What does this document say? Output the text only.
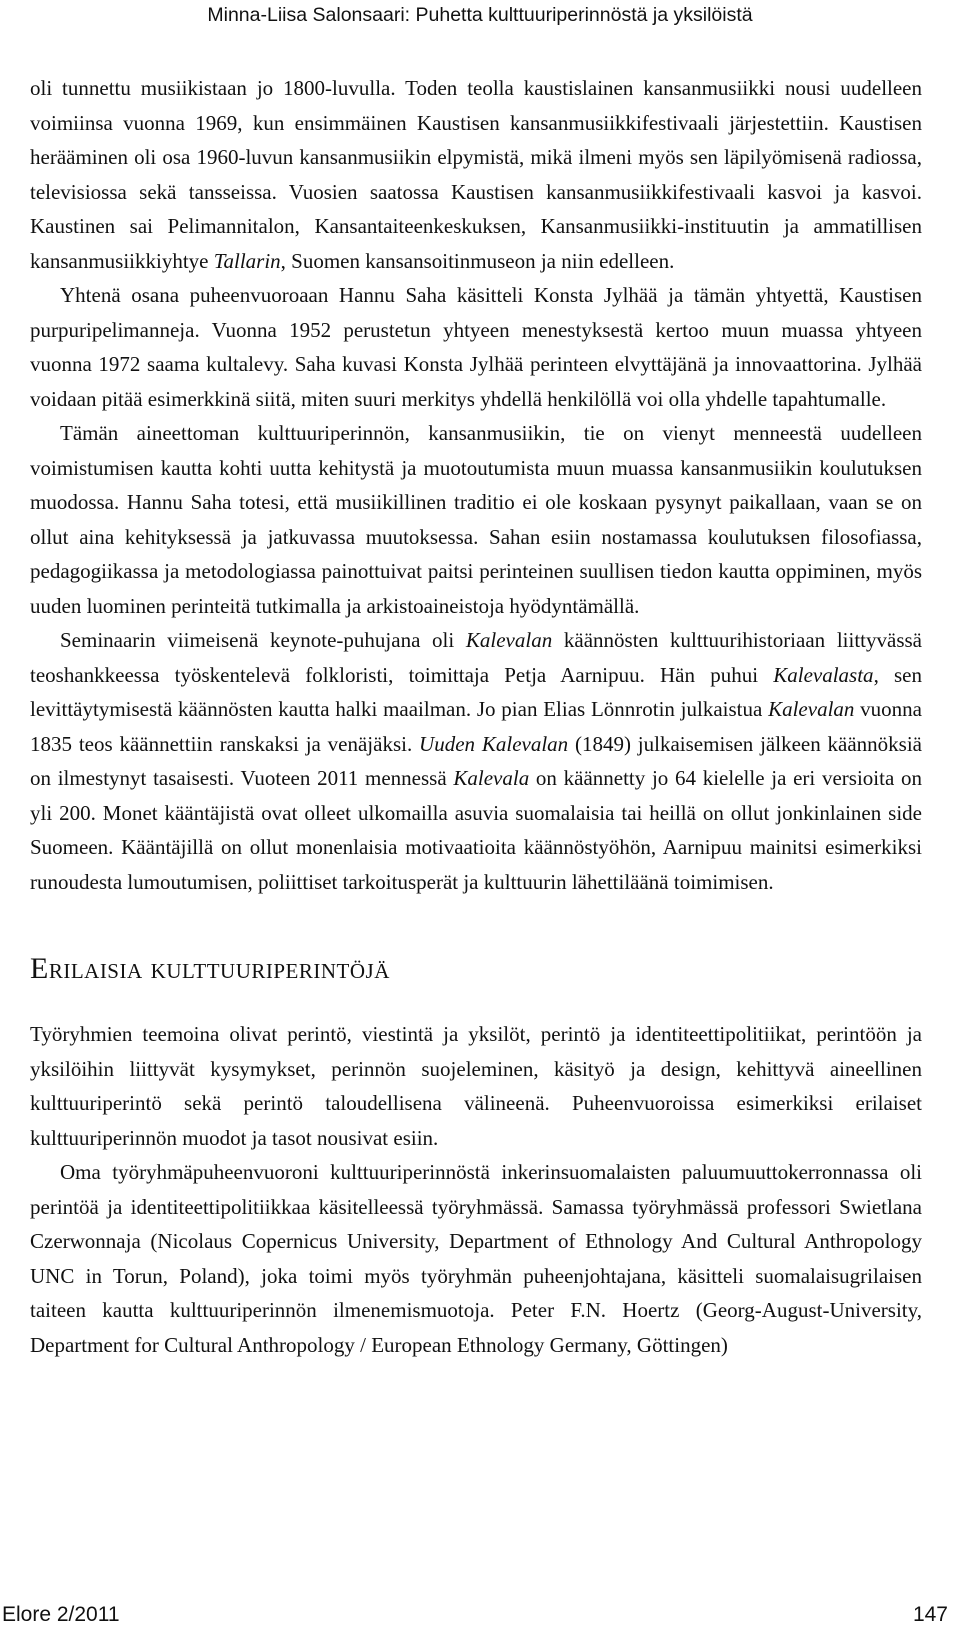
Minna-Liisa Salonsaari: Puhetta kulttuuriperinnöstä ja yksilöistä

oli tunnettu musiikistaan jo 1800-luvulla. Toden teolla kaustislainen kansanmusiikki nousi uudelleen voimiinsa vuonna 1969, kun ensimmäinen Kaustisen kansanmusiikkifestivaali järjestettiin. Kaustisen herääminen oli osa 1960-luvun kansanmusiikin elpymistä, mikä ilmeni myös sen läpilyömisenä radiossa, televisiossa sekä tansseissa. Vuosien saatossa Kaustisen kansanmusiikkifestivaali kasvoi ja kasvoi. Kaustinen sai Pelimannitalon, Kansantaiteenkeskuksen, Kansanmusiikki-instituutin ja ammatillisen kansanmusiikkiyhtye Tallarin, Suomen kansansoitinmuseon ja niin edelleen.

Yhtenä osana puheenvuoroaan Hannu Saha käsitteli Konsta Jylhää ja tämän yhtyettä, Kaustisen purpuripelimanneja. Vuonna 1952 perustetun yhtyeen menestyksestä kertoo muun muassa yhtyeen vuonna 1972 saama kultalevy. Saha kuvasi Konsta Jylhää perinteen elvyttäjänä ja innovaattorina. Jylhää voidaan pitää esimerkkinä siitä, miten suuri merkitys yhdellä henkilöllä voi olla yhdelle tapahtumalle.

Tämän aineettoman kulttuuriperinnön, kansanmusiikin, tie on vienyt menneestä uudelleen voimistumisen kautta kohti uutta kehitystä ja muotoutumista muun muassa kansanmusiikin koulutuksen muodossa. Hannu Saha totesi, että musiikillinen traditio ei ole koskaan pysynyt paikallaan, vaan se on ollut aina kehityksessä ja jatkuvassa muutoksessa. Sahan esiin nostamassa koulutuksen filosofiassa, pedagogiikassa ja metodologiassa painottuivat paitsi perinteinen suullisen tiedon kautta oppiminen, myös uuden luominen perinteitä tutkimalla ja arkistoaineistoja hyödyntämällä.

Seminaarin viimeisenä keynote-puhujana oli Kalevalan käännösten kulttuurihistoriaan liittyvässä teoshankkeessa työskentelevä folkloristi, toimittaja Petja Aarnipuu. Hän puhui Kalevalasta, sen levittäytymisestä käännösten kautta halki maailman. Jo pian Elias Lönnrotin julkaistua Kalevalan vuonna 1835 teos käännettiin ranskaksi ja venäjäksi. Uuden Kalevalan (1849) julkaisemisen jälkeen käännöksiä on ilmestynyt tasaisesti. Vuoteen 2011 mennessä Kalevala on käännetty jo 64 kielelle ja eri versioita on yli 200. Monet kääntäjistä ovat olleet ulkomailla asuvia suomalaisia tai heillä on ollut jonkinlainen side Suomeen. Kääntäjillä on ollut monenlaisia motivaatioita käännöstyöhön, Aarnipuu mainitsi esimerkiksi runoudesta lumoutumisen, poliittiset tarkoitusperät ja kulttuurin lähettiläänä toimimisen.

Erilaisia kulttuuriperintöjä

Työryhmien teemoina olivat perintö, viestintä ja yksilöt, perintö ja identiteettipolitiikat, perintöön ja yksilöihin liittyvät kysymykset, perinnön suojeleminen, käsityö ja design, kehittyvä aineellinen kulttuuriperintö sekä perintö taloudellisena välineenä. Puheenvuoroissa esimerkiksi erilaiset kulttuuriperinnön muodot ja tasot nousivat esiin.

Oma työryhmäpuheenvuoroni kulttuuriperinnöstä inkerinsuomalaisten paluumuuttokerronnassa oli perintöä ja identiteettipolitiikkaa käsitelleessä työryhmässä. Samassa työryhmässä professori Swietlana Czerwonnaja (Nicolaus Copernicus University, Department of Ethnology And Cultural Anthropology UNC in Torun, Poland), joka toimi myös työryhmän puheenjohtajana, käsitteli suomalaisugrilaisen taiteen kautta kulttuuriperinnön ilmenemismuotoja. Peter F.N. Hoertz (Georg-August-University, Department for Cultural Anthropology / European Ethnology Germany, Göttingen)

Elore 2/2011	147
